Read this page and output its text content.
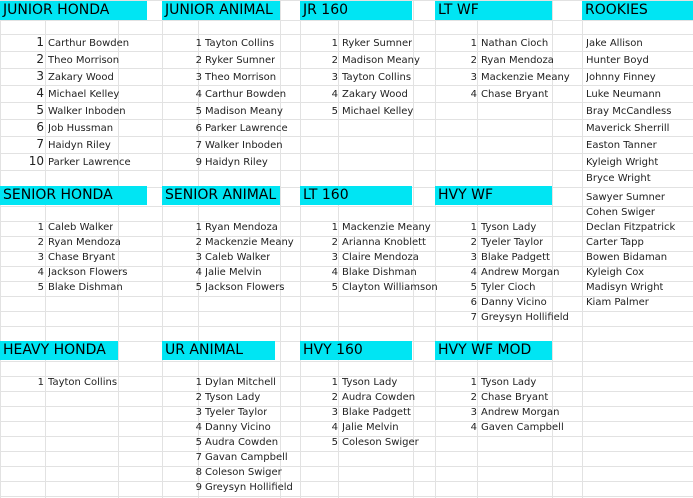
JUNIOR HONDA
1 Carthur Bowden
2 Theo Morrison
3 Zakary Wood
4 Michael Kelley
5 Walker Inboden
6 Job Hussman
7 Haidyn Riley
10 Parker Lawrence
JUNIOR ANIMAL
1 Tayton Collins
2 Ryker Sumner
3 Theo Morrison
4 Carthur Bowden
5 Madison Meany
6 Parker Lawrence
7 Walker Inboden
9 Haidyn Riley
JR 160
1 Ryker Sumner
2 Madison Meany
3 Tayton Collins
4 Zakary Wood
5 Michael Kelley
LT WF
1 Nathan Cioch
2 Ryan Mendoza
3 Mackenzie Meany
4 Chase Bryant
ROOKIES
Jake Allison
Hunter Boyd
Johnny Finney
Luke Neumann
Bray McCandless
Maverick Sherrill
Easton Tanner
Kyleigh Wright
Bryce Wright
SENIOR HONDA
1 Caleb Walker
2 Ryan Mendoza
3 Chase Bryant
4 Jackson Flowers
5 Blake Dishman
SENIOR ANIMAL
1 Ryan Mendoza
2 Mackenzie Meany
3 Caleb Walker
4 Jalie Melvin
5 Jackson Flowers
LT 160
1 Mackenzie Meany
2 Arianna Knoblett
3 Claire Mendoza
4 Blake Dishman
5 Clayton Williamson
HVY WF
1 Tyson Lady
2 Tyeler Taylor
3 Blake Padgett
4 Andrew Morgan
5 Tyler Cioch
6 Danny Vicino
7 Greysyn Hollifield
Sawyer Sumner
Cohen Swiger
Declan Fitzpatrick
Carter Tapp
Bowen Bidaman
Kyleigh Cox
Madisyn Wright
Kiam Palmer
HEAVY HONDA
1 Tayton Collins
UR ANIMAL
1 Dylan Mitchell
2 Tyson Lady
3 Tyeler Taylor
4 Danny Vicino
5 Audra Cowden
7 Gavan Campbell
8 Coleson Swiger
9 Greysyn Hollifield
HVY 160
1 Tyson Lady
2 Audra Cowden
3 Blake Padgett
4 Jalie Melvin
5 Coleson Swiger
HVY WF MOD
1 Tyson Lady
2 Chase Bryant
3 Andrew Morgan
4 Gaven Campbell
